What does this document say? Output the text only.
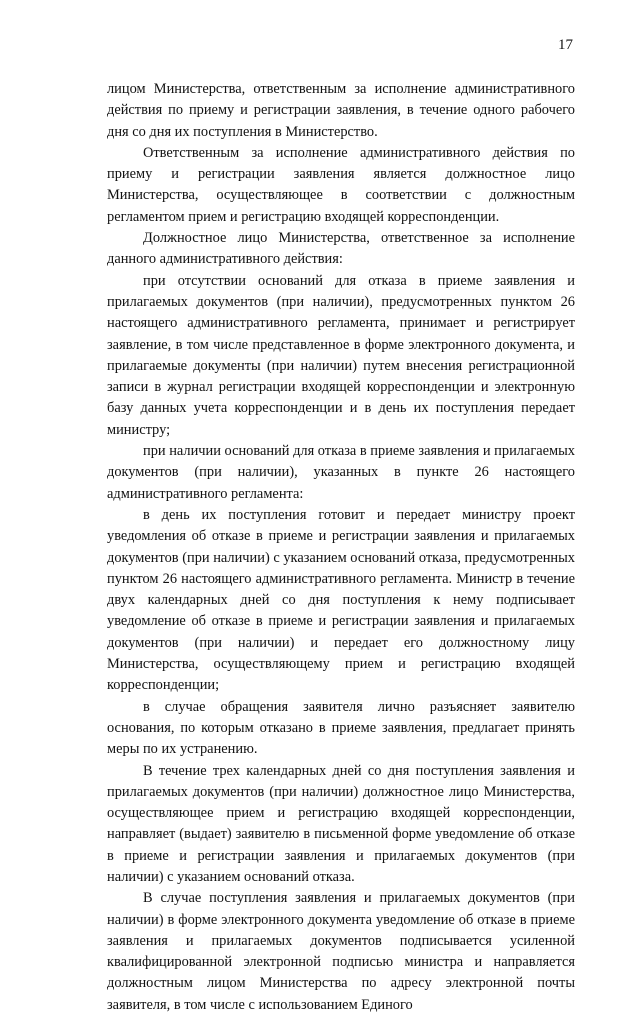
17

лицом Министерства, ответственным за исполнение административного действия по приему и регистрации заявления, в течение одного рабочего дня со дня их поступления в Министерство.

Ответственным за исполнение административного действия по приему и регистрации заявления является должностное лицо Министерства, осуществляющее в соответствии с должностным регламентом прием и регистрацию входящей корреспонденции.

Должностное лицо Министерства, ответственное за исполнение данного административного действия:

при отсутствии оснований для отказа в приеме заявления и прилагаемых документов (при наличии), предусмотренных пунктом 26 настоящего административного регламента, принимает и регистрирует заявление, в том числе представленное в форме электронного документа, и прилагаемые документы (при наличии) путем внесения регистрационной записи в журнал регистрации входящей корреспонденции и электронную базу данных учета корреспонденции и в день их поступления передает министру;

при наличии оснований для отказа в приеме заявления и прилагаемых документов (при наличии), указанных в пункте 26 настоящего административного регламента:

в день их поступления готовит и передает министру проект уведомления об отказе в приеме и регистрации заявления и прилагаемых документов (при наличии) с указанием оснований отказа, предусмотренных пунктом 26 настоящего административного регламента. Министр в течение двух календарных дней со дня поступления к нему подписывает уведомление об отказе в приеме и регистрации заявления и прилагаемых документов (при наличии) и передает его должностному лицу Министерства, осуществляющему прием и регистрацию входящей корреспонденции;

в случае обращения заявителя лично разъясняет заявителю основания, по которым отказано в приеме заявления, предлагает принять меры по их устранению.

В течение трех календарных дней со дня поступления заявления и прилагаемых документов (при наличии) должностное лицо Министерства, осуществляющее прием и регистрацию входящей корреспонденции, направляет (выдает) заявителю в письменной форме уведомление об отказе в приеме и регистрации заявления и прилагаемых документов (при наличии) с указанием оснований отказа.

В случае поступления заявления и прилагаемых документов (при наличии) в форме электронного документа уведомление об отказе в приеме заявления и прилагаемых документов подписывается усиленной квалифицированной электронной подписью министра и направляется должностным лицом Министерства по адресу электронной почты заявителя, в том числе с использованием Единого
